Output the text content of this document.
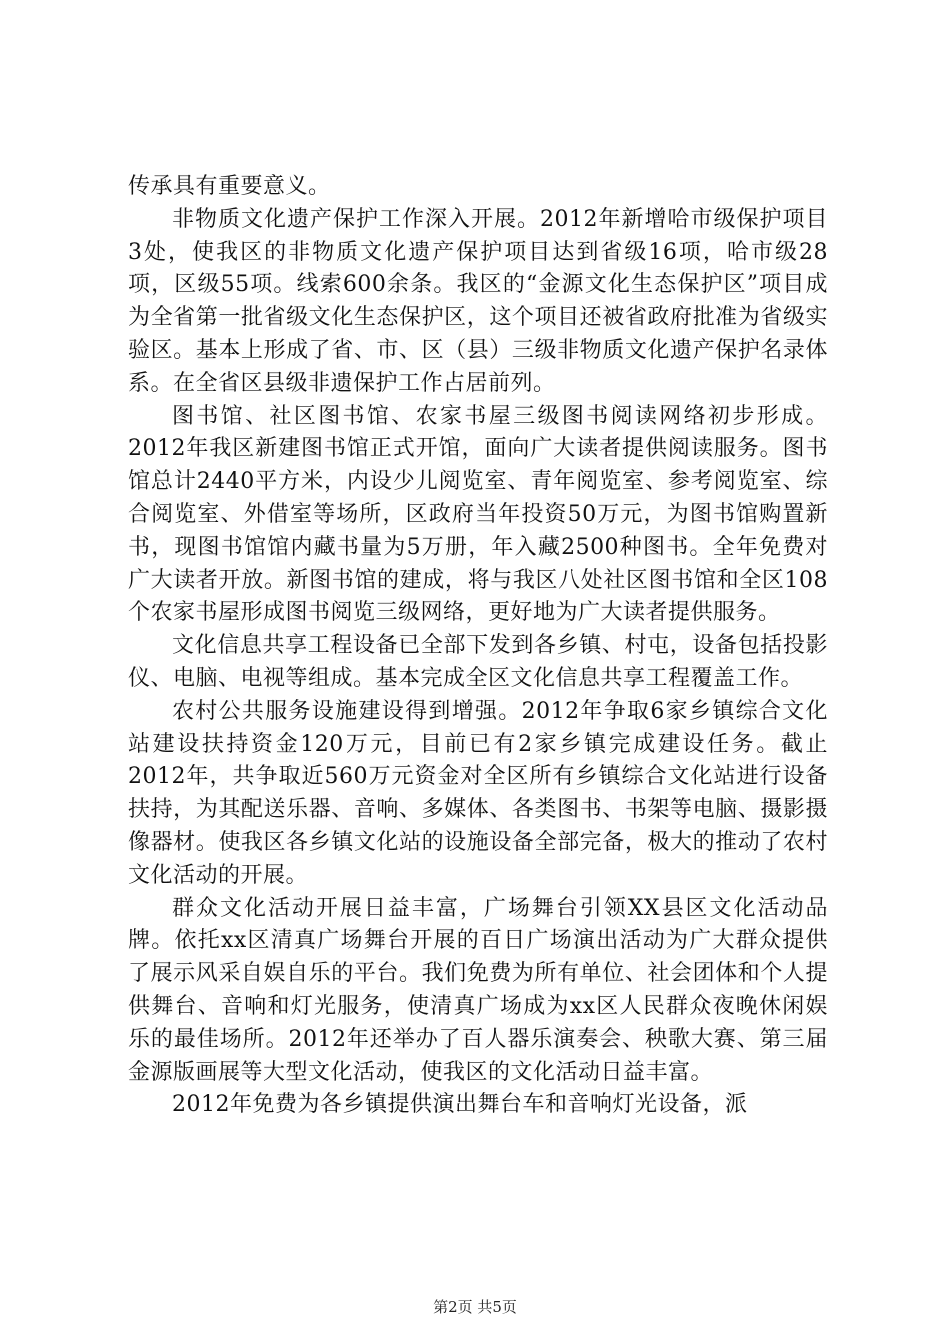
传承具有重要意义。

非物质文化遗产保护工作深入开展。2012年新增哈市级保护项目3处，使我区的非物质文化遗产保护项目达到省级16项，哈市级28项，区级55项。线索600余条。我区的“金源文化生态保护区”项目成为全省第一批省级文化生态保护区，这个项目还被省政府批准为省级实验区。基本上形成了省、市、区（县）三级非物质文化遗产保护名录体系。在全省区县级非遗保护工作占居前列。

图书馆、社区图书馆、农家书屋三级图书阅读网络初步形成。2012年我区新建图书馆正式开馆，面向广大读者提供阅读服务。图书馆总计2440平方米，内设少儿阅览室、青年阅览室、参考阅览室、综合阅览室、外借室等场所，区政府当年投资50万元，为图书馆购置新书，现图书馆馆内藏书量为5万册，年入藏2500种图书。全年免费对广大读者开放。新图书馆的建成，将与我区八处社区图书馆和全区108个农家书屋形成图书阅览三级网络，更好地为广大读者提供服务。

文化信息共享工程设备已全部下发到各乡镇、村屯，设备包括投影仪、电脑、电视等组成。基本完成全区文化信息共享工程覆盖工作。

农村公共服务设施建设得到增强。2012年争取6家乡镇综合文化站建设扶持资金120万元，目前已有2家乡镇完成建设任务。截止2012年，共争取近560万元资金对全区所有乡镇综合文化站进行设备扶持，为其配送乐器、音响、多媒体、各类图书、书架等电脑、摄影摄像器材。使我区各乡镇文化站的设施设备全部完备，极大的推动了农村文化活动的开展。

群众文化活动开展日益丰富，广场舞台引领XX县区文化活动品牌。依托xx区清真广场舞台开展的百日广场演出活动为广大群众提供了展示风采自娱自乐的平台。我们免费为所有单位、社会团体和个人提供舞台、音响和灯光服务，使清真广场成为xx区人民群众夜晚休闲娱乐的最佳场所。2012年还举办了百人器乐演奏会、秧歌大赛、第三届金源版画展等大型文化活动，使我区的文化活动日益丰富。

2012年免费为各乡镇提供演出舞台车和音响灯光设备，派

第2页 共5页
